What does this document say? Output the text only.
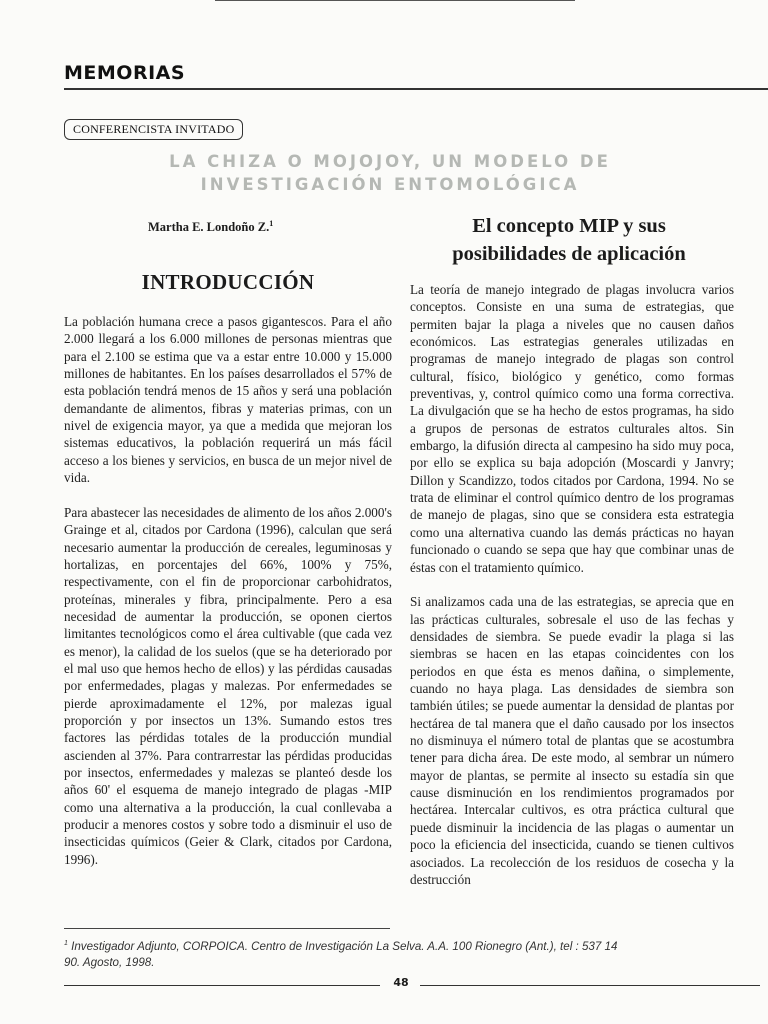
MEMORIAS
CONFERENCISTA INVITADO
LA CHIZA O MOJOJOY, UN MODELO DE
INVESTIGACIÓN ENTOMOLÓGICA
Martha E. Londoño Z.$^1$
INTRODUCCIÓN
El concepto MIP y sus
posibilidades de aplicación

La población humana crece a pasos gigantescos. Para el año 2.000 llegará a los 6.000 millones de personas mientras que para el 2.100 se estima que va a estar entre 10.000 y 15.000 millones de habitantes. En los países desarrollados el 57% de esta población tendrá menos de 15 años y será una población demandante de alimentos, fibras y materias primas, con un nivel de exigencia mayor, ya que a medida que mejoran los sistemas educativos, la población requerirá un más fácil acceso a los bienes y servicios, en busca de un mejor nivel de vida.

Para abastecer las necesidades de alimento de los años 2.000's Grainge et al, citados por Cardona (1996), calculan que será necesario aumentar la producción de cereales, leguminosas y hortalizas, en porcentajes del 66%, 100% y 75%, respectivamente, con el fin de proporcionar carbohidratos, proteínas, minerales y fibra, principalmente. Pero a esa necesidad de aumentar la producción, se oponen ciertos limitantes tecnológicos como el área cultivable (que cada vez es menor), la calidad de los suelos (que se ha deteriorado por el mal uso que hemos hecho de ellos) y las pérdidas causadas por enfermedades, plagas y malezas. Por enfermedades se pierde aproximadamente el 12%, por malezas igual proporción y por insectos un 13%. Sumando estos tres factores las pérdidas totales de la producción mundial ascienden al 37%. Para contrarrestar las pérdidas producidas por insectos, enfermedades y malezas se planteó desde los años 60' el esquema de manejo integrado de plagas -MIP como una alternativa a la producción, la cual conllevaba a producir a menores costos y sobre todo a disminuir el uso de insecticidas químicos (Geier & Clark, citados por Cardona, 1996).

La teoría de manejo integrado de plagas involucra varios conceptos. Consiste en una suma de estrategias, que permiten bajar la plaga a niveles que no causen daños económicos. Las estrategias generales utilizadas en programas de manejo integrado de plagas son control cultural, físico, biológico y genético, como formas preventivas, y, control químico como una forma correctiva. La divulgación que se ha hecho de estos programas, ha sido a grupos de personas de estratos culturales altos. Sin embargo, la difusión directa al campesino ha sido muy poca, por ello se explica su baja adopción (Moscardi y Janvry; Dillon y Scandizzo, todos citados por Cardona, 1994. No se trata de eliminar el control químico dentro de los programas de manejo de plagas, sino que se considera esta estrategia como una alternativa cuando las demás prácticas no hayan funcionado o cuando se sepa que hay que combinar unas de éstas con el tratamiento químico.

Si analizamos cada una de las estrategias, se aprecia que en las prácticas culturales, sobresale el uso de las fechas y densidades de siembra. Se puede evadir la plaga si las siembras se hacen en las etapas coincidentes con los periodos en que ésta es menos dañina, o simplemente, cuando no haya plaga. Las densidades de siembra son también útiles; se puede aumentar la densidad de plantas por hectárea de tal manera que el daño causado por los insectos no disminuya el número total de plantas que se acostumbra tener para dicha área. De este modo, al sembrar un número mayor de plantas, se permite al insecto su estadía sin que cause disminución en los rendimientos programados por hectárea. Intercalar cultivos, es otra práctica cultural que puede disminuir la incidencia de las plagas o aumentar un poco la eficiencia del insecticida, cuando se tienen cultivos asociados. La recolección de los residuos de cosecha y la destrucción

$^1$ Investigador Adjunto, CORPOICA. Centro de Investigación La Selva. A.A. 100 Rionegro (Ant.), tel : 537 14
90. Agosto, 1998.
48
